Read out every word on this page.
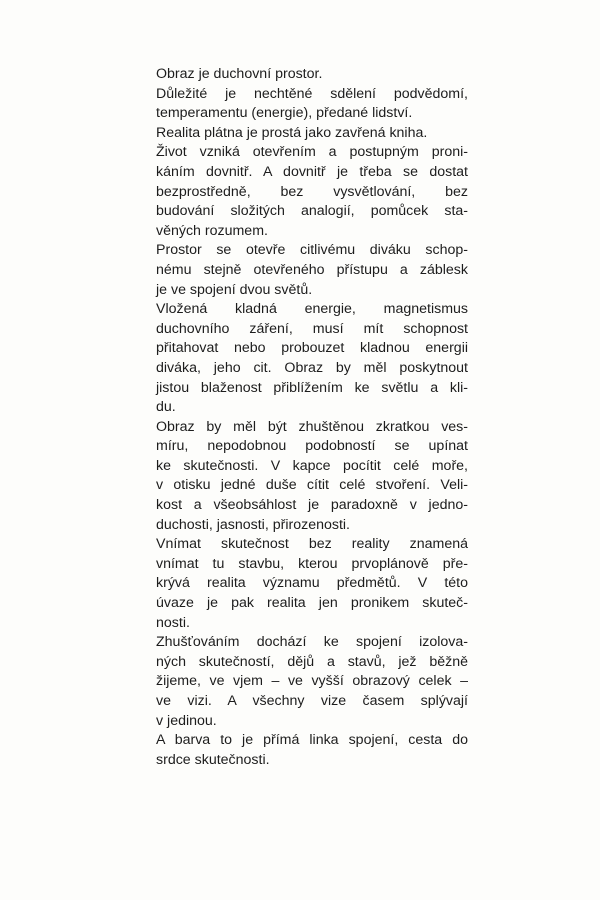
Obraz je duchovní prostor.
Důležité je nechtěné sdělení podvědomí,
temperamentu (energie), předané lidství.
Realita plátna je prostá jako zavřená kniha.
Život vzniká otevřením a postupným proni-
káním dovnitř. A dovnitř je třeba se dostat
bezprostředně, bez vysvětlování, bez
budování složitých analogií, pomůcek sta-
věných rozumem.
Prostor se otevře citlivému diváku schop-
nému stejně otevřeného přístupu a záblesk
je ve spojení dvou světů.
Vložená kladná energie, magnetismus
duchovního záření, musí mít schopnost
přitahovat nebo probouzet kladnou energii
diváka, jeho cit. Obraz by měl poskytnout
jistou blaženost přiblížením ke světlu a kli-
du.
Obraz by měl být zhuštěnou zkratkou ves-
míru, nepodobnou podobností se upínat
ke skutečnosti. V kapce pocítit celé moře,
v otisku jedné duše cítit celé stvoření. Veli-
kost a všeobsáhlost je paradoxně v jedno-
duchosti, jasnosti, přirozenosti.
Vnímat skutečnost bez reality znamená
vnímat tu stavbu, kterou prvoplánově pře-
krývá realita významu předmětů. V této
úvaze je pak realita jen pronikem skuteč-
nosti.
Zhušťováním dochází ke spojení izolova-
ných skutečností, dějů a stavů, jež běžně
žijeme, ve vjem – ve vyšší obrazový celek –
ve vizi. A všechny vize časem splývají
v jedinou.
A barva to je přímá linka spojení, cesta do
srdce skutečnosti.
